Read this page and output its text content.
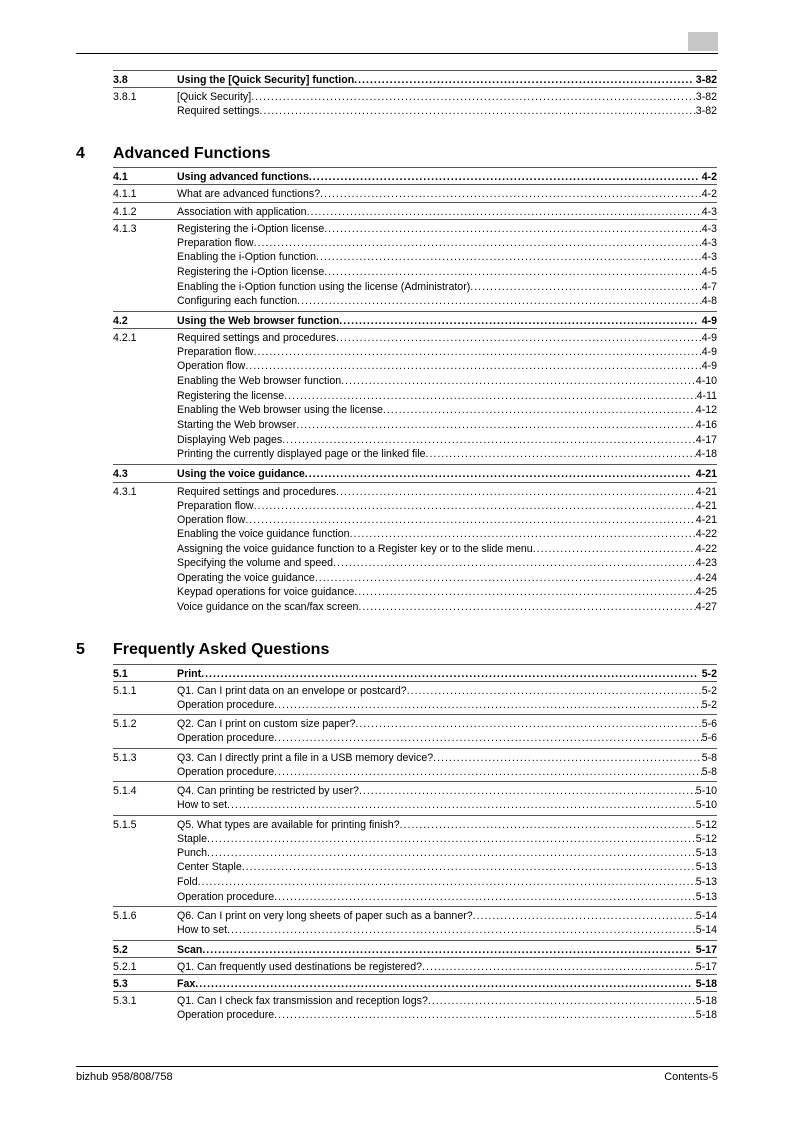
3.8	Using the [Quick Security] function .....	3-82
3.8.1	[Quick Security] .....	3-82
Required settings .....	3-82
4 Advanced Functions
4.1	Using advanced functions .....	4-2
4.1.1	What are advanced functions? .....	4-2
4.1.2	Association with application .....	4-3
4.1.3	Registering the i-Option license .....	4-3
Preparation flow .....	4-3
Enabling the i-Option function .....	4-3
Registering the i-Option license .....	4-5
Enabling the i-Option function using the license (Administrator) .....	4-7
Configuring each function .....	4-8
4.2	Using the Web browser function .....	4-9
4.2.1	Required settings and procedures .....	4-9
Preparation flow .....	4-9
Operation flow .....	4-9
Enabling the Web browser function .....	4-10
Registering the license .....	4-11
Enabling the Web browser using the license .....	4-12
Starting the Web browser .....	4-16
Displaying Web pages .....	4-17
Printing the currently displayed page or the linked file .....	4-18
4.3	Using the voice guidance .....	4-21
4.3.1	Required settings and procedures .....	4-21
Preparation flow .....	4-21
Operation flow .....	4-21
Enabling the voice guidance function .....	4-22
Assigning the voice guidance function to a Register key or to the slide menu .....	4-22
Specifying the volume and speed .....	4-23
Operating the voice guidance .....	4-24
Keypad operations for voice guidance .....	4-25
Voice guidance on the scan/fax screen .....	4-27
5 Frequently Asked Questions
5.1	Print .....	5-2
5.1.1	Q1. Can I print data on an envelope or postcard? .....	5-2
Operation procedure .....	5-2
5.1.2	Q2. Can I print on custom size paper? .....	5-6
Operation procedure .....	5-6
5.1.3	Q3. Can I directly print a file in a USB memory device? .....	5-8
Operation procedure .....	5-8
5.1.4	Q4. Can printing be restricted by user? .....	5-10
How to set .....	5-10
5.1.5	Q5. What types are available for printing finish? .....	5-12
Staple .....	5-12
Punch .....	5-13
Center Staple .....	5-13
Fold .....	5-13
Operation procedure .....	5-13
5.1.6	Q6. Can I print on very long sheets of paper such as a banner? .....	5-14
How to set .....	5-14
5.2	Scan .....	5-17
5.2.1	Q1. Can frequently used destinations be registered? .....	5-17
5.3	Fax .....	5-18
5.3.1	Q1. Can I check fax transmission and reception logs? .....	5-18
Operation procedure .....	5-18
bizhub 958/808/758	Contents-5
